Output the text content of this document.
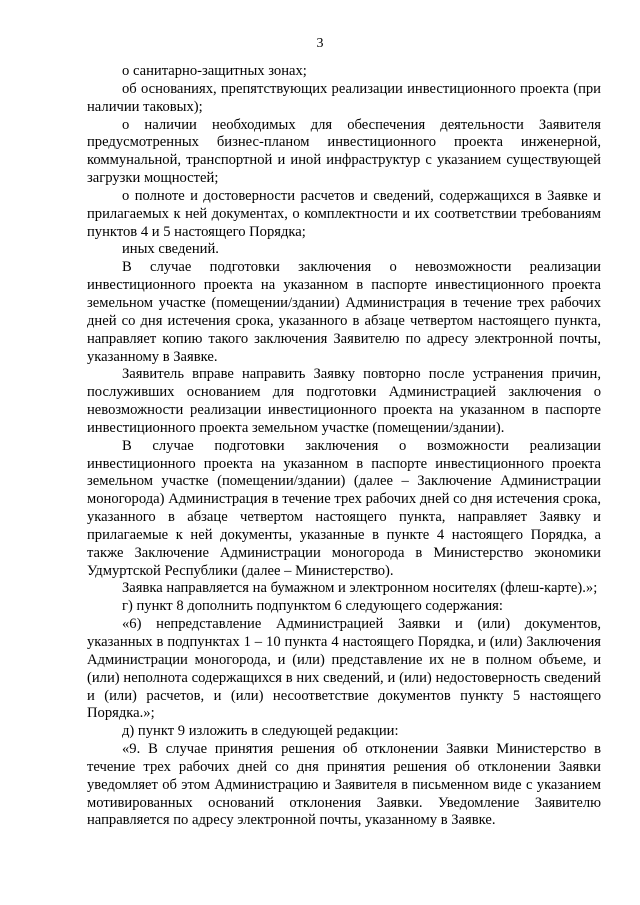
3

о санитарно-защитных зонах;

об основаниях, препятствующих реализации инвестиционного проекта (при наличии таковых);

о наличии необходимых для обеспечения деятельности Заявителя предусмотренных бизнес-планом инвестиционного проекта инженерной, коммунальной, транспортной и иной инфраструктур с указанием существующей загрузки мощностей;

о полноте и достоверности расчетов и сведений, содержащихся в Заявке и прилагаемых к ней документах, о комплектности и их соответствии требованиям пунктов 4 и 5 настоящего Порядка;

иных сведений.

В случае подготовки заключения о невозможности реализации инвестиционного проекта на указанном в паспорте инвестиционного проекта земельном участке (помещении/здании) Администрация в течение трех рабочих дней со дня истечения срока, указанного в абзаце четвертом настоящего пункта, направляет копию такого заключения Заявителю по адресу электронной почты, указанному в Заявке.

Заявитель вправе направить Заявку повторно после устранения причин, послуживших основанием для подготовки Администрацией заключения о невозможности реализации инвестиционного проекта на указанном в паспорте инвестиционного проекта земельном участке (помещении/здании).

В случае подготовки заключения о возможности реализации инвестиционного проекта на указанном в паспорте инвестиционного проекта земельном участке (помещении/здании) (далее – Заключение Администрации моногорода) Администрация в течение трех рабочих дней со дня истечения срока, указанного в абзаце четвертом настоящего пункта, направляет Заявку и прилагаемые к ней документы, указанные в пункте 4 настоящего Порядка, а также Заключение Администрации моногорода в Министерство экономики Удмуртской Республики (далее – Министерство).

Заявка направляется на бумажном и электронном носителях (флеш-карте).»;

г) пункт 8 дополнить подпунктом 6 следующего содержания:

«6) непредставление Администрацией Заявки и (или) документов, указанных в подпунктах 1 – 10 пункта 4 настоящего Порядка, и (или) Заключения Администрации моногорода, и (или) представление их не в полном объеме, и (или) неполнота содержащихся в них сведений, и (или) недостоверность сведений и (или) расчетов, и (или) несоответствие документов пункту 5 настоящего Порядка.»;

д) пункт 9 изложить в следующей редакции:

«9. В случае принятия решения об отклонении Заявки Министерство в течение трех рабочих дней со дня принятия решения об отклонении Заявки уведомляет об этом Администрацию и Заявителя в письменном виде с указанием мотивированных оснований отклонения Заявки. Уведомление Заявителю направляется по адресу электронной почты, указанному в Заявке.
